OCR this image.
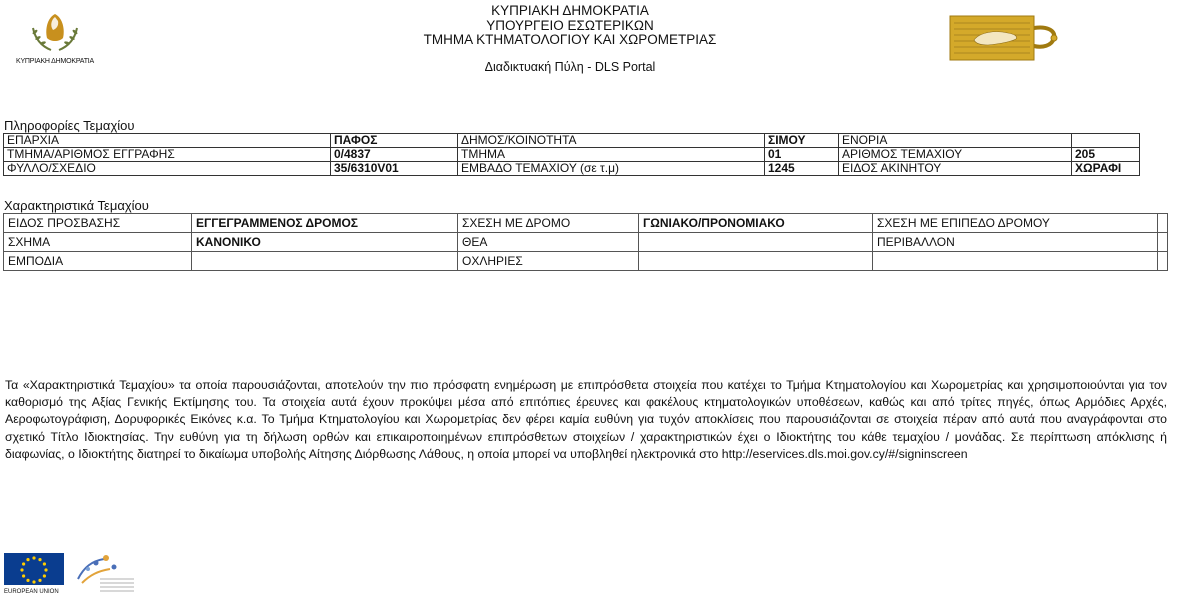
ΚΥΠΡΙΑΚΗ ΔΗΜΟΚΡΑΤΙΑ
ΚΥΠΡΙΑΚΗ ΔΗΜΟΚΡΑΤΙΑ
ΥΠΟΥΡΓΕΙΟ ΕΣΩΤΕΡΙΚΩΝ
ΤΜΗΜΑ ΚΤΗΜΑΤΟΛΟΓΙΟΥ ΚΑΙ ΧΩΡΟΜΕΤΡΙΑΣ
Διαδικτυακή Πύλη - DLS Portal
Πληροφορίες Τεμαχίου
ΕΠΑΡΧΙΑ	ΠΑΦΟΣ	ΔΗΜΟΣ/ΚΟΙΝΟΤΗΤΑ	ΣΙΜΟΥ	ΕΝΟΡΙΑ	
ΤΜΗΜΑ/ΑΡΙΘΜΟΣ ΕΓΓΡΑΦΗΣ	0/4837	ΤΜΗΜΑ	01	ΑΡΙΘΜΟΣ ΤΕΜΑΧΙΟΥ	205
ΦΥΛΛΟ/ΣΧΕΔΙΟ	35/6310V01	ΕΜΒΑΔΟ ΤΕΜΑΧΙΟΥ (σε τ.μ)	1245	ΕΙΔΟΣ ΑΚΙΝΗΤΟΥ	ΧΩΡΑΦΙ
Χαρακτηριστικά Τεμαχίου
ΕΙΔΟΣ ΠΡΟΣΒΑΣΗΣ	ΕΓΓΕΓΡΑΜΜΕΝΟΣ ΔΡΟΜΟΣ	ΣΧΕΣΗ ΜΕ ΔΡΟΜΟ	ΓΩΝΙΑΚΟ/ΠΡΟΝΟΜΙΑΚΟ	ΣΧΕΣΗ ΜΕ ΕΠΙΠΕΔΟ ΔΡΟΜΟΥ	
ΣΧΗΜΑ	ΚΑΝΟΝΙΚΟ	ΘΕΑ		ΠΕΡΙΒΑΛΛΟΝ	
ΕΜΠΟΔΙΑ		ΟΧΛΗΡΙΕΣ			
Τα «Χαρακτηριστικά Τεμαχίου» τα οποία παρουσιάζονται, αποτελούν την πιο πρόσφατη ενημέρωση με επιπρόσθετα στοιχεία που κατέχει το Τμήμα Κτηματολογίου και Χωρομετρίας και χρησιμοποιούνται για τον καθορισμό της Αξίας Γενικής Εκτίμησης του. Τα στοιχεία αυτά έχουν προκύψει μέσα από επιτόπιες έρευνες και φακέλους κτηματολογικών υποθέσεων, καθώς και από τρίτες πηγές, όπως Αρμόδιες Αρχές, Αεροφωτογράφιση, Δορυφορικές Εικόνες κ.α. Το Τμήμα Κτηματολογίου και Χωρομετρίας δεν φέρει καμία ευθύνη για τυχόν αποκλίσεις που παρουσιάζονται σε στοιχεία πέραν από αυτά που αναγράφονται στο σχετικό Τίτλο Ιδιοκτησίας. Την ευθύνη για τη δήλωση ορθών και επικαιροποιημένων επιπρόσθετων στοιχείων / χαρακτηριστικών έχει ο Ιδιοκτήτης του κάθε τεμαχίου / μονάδας. Σε περίπτωση απόκλισης ή διαφωνίας, ο Ιδιοκτήτης διατηρεί το δικαίωμα υποβολής Αίτησης Διόρθωσης Λάθους, η οποία μπορεί να υποβληθεί ηλεκτρονικά στο http://eservices.dls.moi.gov.cy/#/signinscreen
EUROPEAN UNION
